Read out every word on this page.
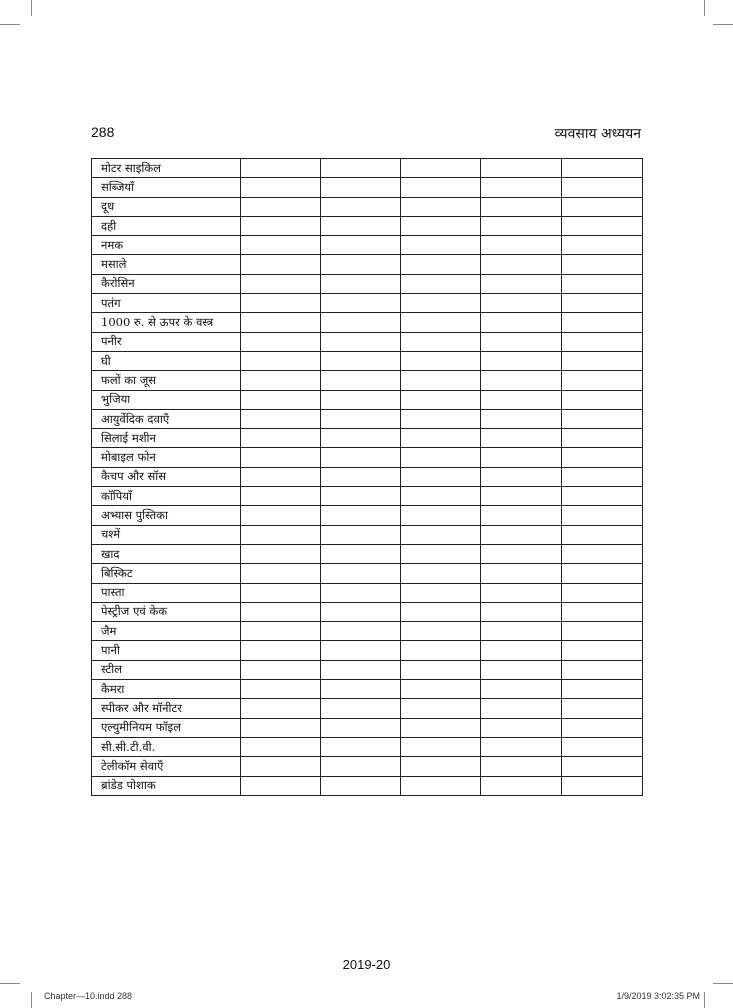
288	व्यवसाय अध्ययन
मोटर साइकिल					
सब्जियाँ					
दूध					
दही					
नमक					
मसाले					
कैरोसिन					
पतंग					
1000 रु. से ऊपर के वस्त्र					
पनीर					
घी					
फलों का जूस					
भुजिया					
आयुर्वेदिक दवाएँ					
सिलाई मशीन					
मोबाइल फोन					
कैचप और सॉस					
कॉपियाँ					
अभ्यास पुस्तिका					
चश्में					
खाद					
बिस्किट					
पास्ता					
पेस्ट्रीज एवं केक					
जैम					
पानी					
स्टील					
कैमरा					
स्पीकर और मॉनीटर					
एल्युमीनियम फॉइल					
सी.सी.टी.वी.					
टेलीकॉम सेवाएँ					
ब्रांडेड पोशाक					
2019-20
Chapter—10.indd 288	1/9/2019 3:02:35 PM
